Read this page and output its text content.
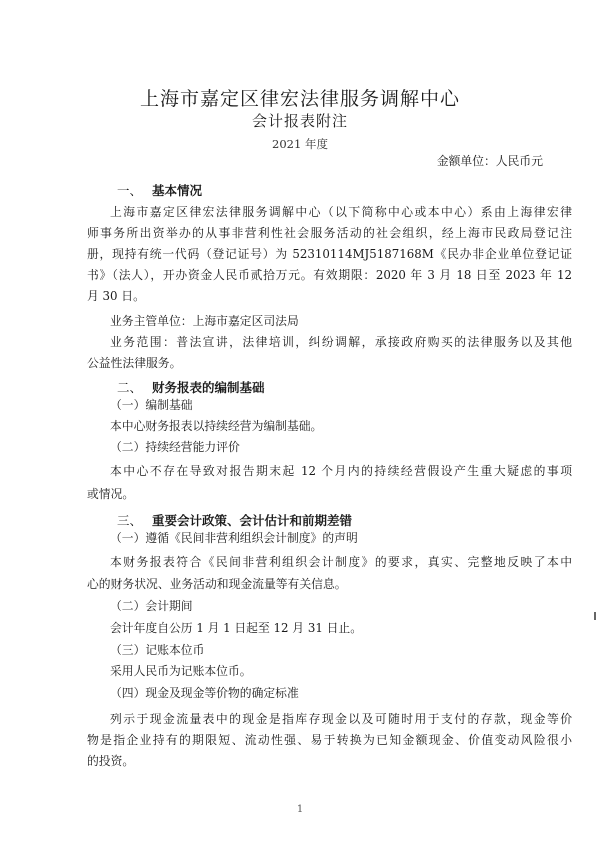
上海市嘉定区律宏法律服务调解中心
会计报表附注
2021 年度
金额单位：人民币元
一、 基本情况
上海市嘉定区律宏法律服务调解中心（以下简称中心或本中心）系由上海律宏律
师事务所出资举办的从事非营利性社会服务活动的社会组织，经上海市民政局登记注
册，现持有统一代码（登记证号）为 52310114MJ5187168M《民办非企业单位登记证
书》（法人），开办资金人民币贰拾万元。有效期限：2020 年 3 月 18 日至 2023 年 12
月 30 日。
业务主管单位：上海市嘉定区司法局
业务范围：普法宣讲，法律培训，纠纷调解，承接政府购买的法律服务以及其他
公益性法律服务。
二、 财务报表的编制基础
（一）编制基础
本中心财务报表以持续经营为编制基础。
（二）持续经营能力评价
本中心不存在导致对报告期末起 12 个月内的持续经营假设产生重大疑虑的事项
或情况。
三、 重要会计政策、会计估计和前期差错
（一）遵循《民间非营利组织会计制度》的声明
本财务报表符合《民间非营利组织会计制度》的要求，真实、完整地反映了本中
心的财务状况、业务活动和现金流量等有关信息。
（二）会计期间
会计年度自公历 1 月 1 日起至 12 月 31 日止。
（三）记账本位币
采用人民币为记账本位币。
（四）现金及现金等价物的确定标准
列示于现金流量表中的现金是指库存现金以及可随时用于支付的存款，现金等价
物是指企业持有的期限短、流动性强、易于转换为已知金额现金、价值变动风险很小
的投资。
1
